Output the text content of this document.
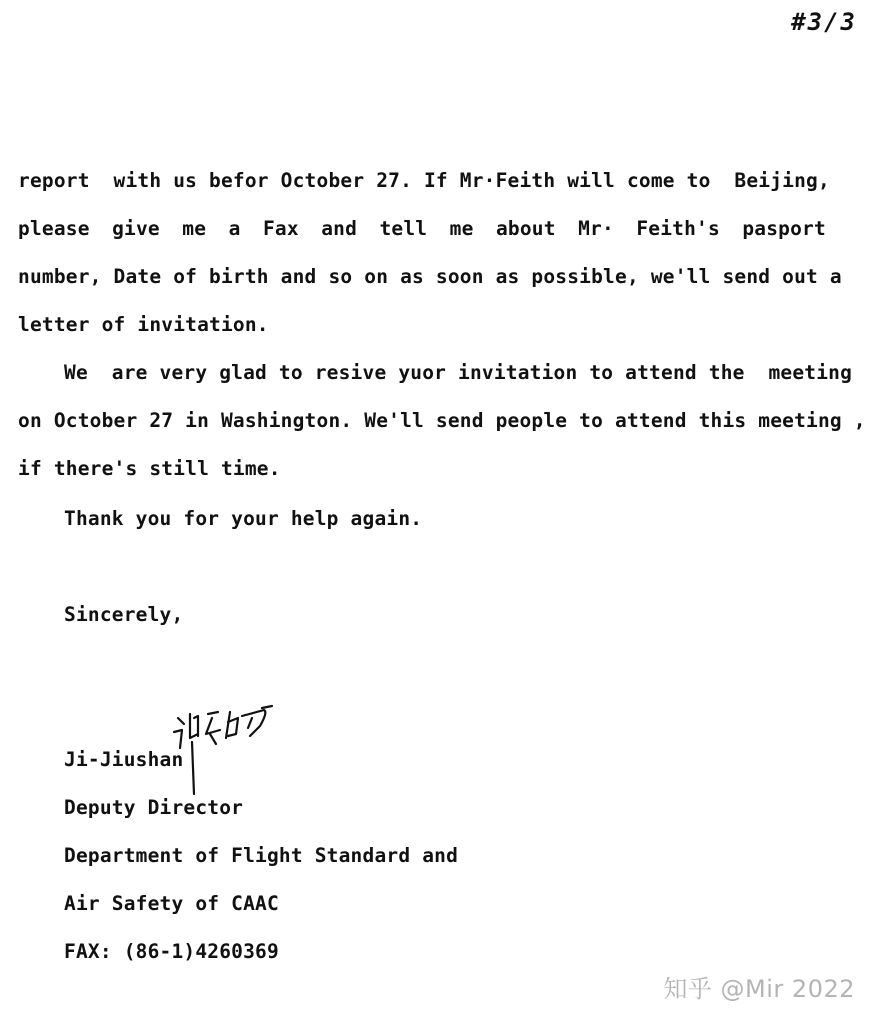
#3/3
report  with us befor October 27. If Mr·Feith will come to  Beijing,
please give me a Fax and tell me about Mr· Feith's pasport
number, Date of birth and so on as soon as possible, we'll send out a
letter of invitation.
We  are very glad to resive yuor invitation to attend the  meeting
on October 27 in Washington. We'll send people to attend this meeting ,
if there's still time.
Thank you for your help again.
Sincerely,
Ji-Jiushan
Deputy Director
Department of Flight Standard and
Air Safety of CAAC
FAX: (86-1)4260369
知乎 @Mir 2022
